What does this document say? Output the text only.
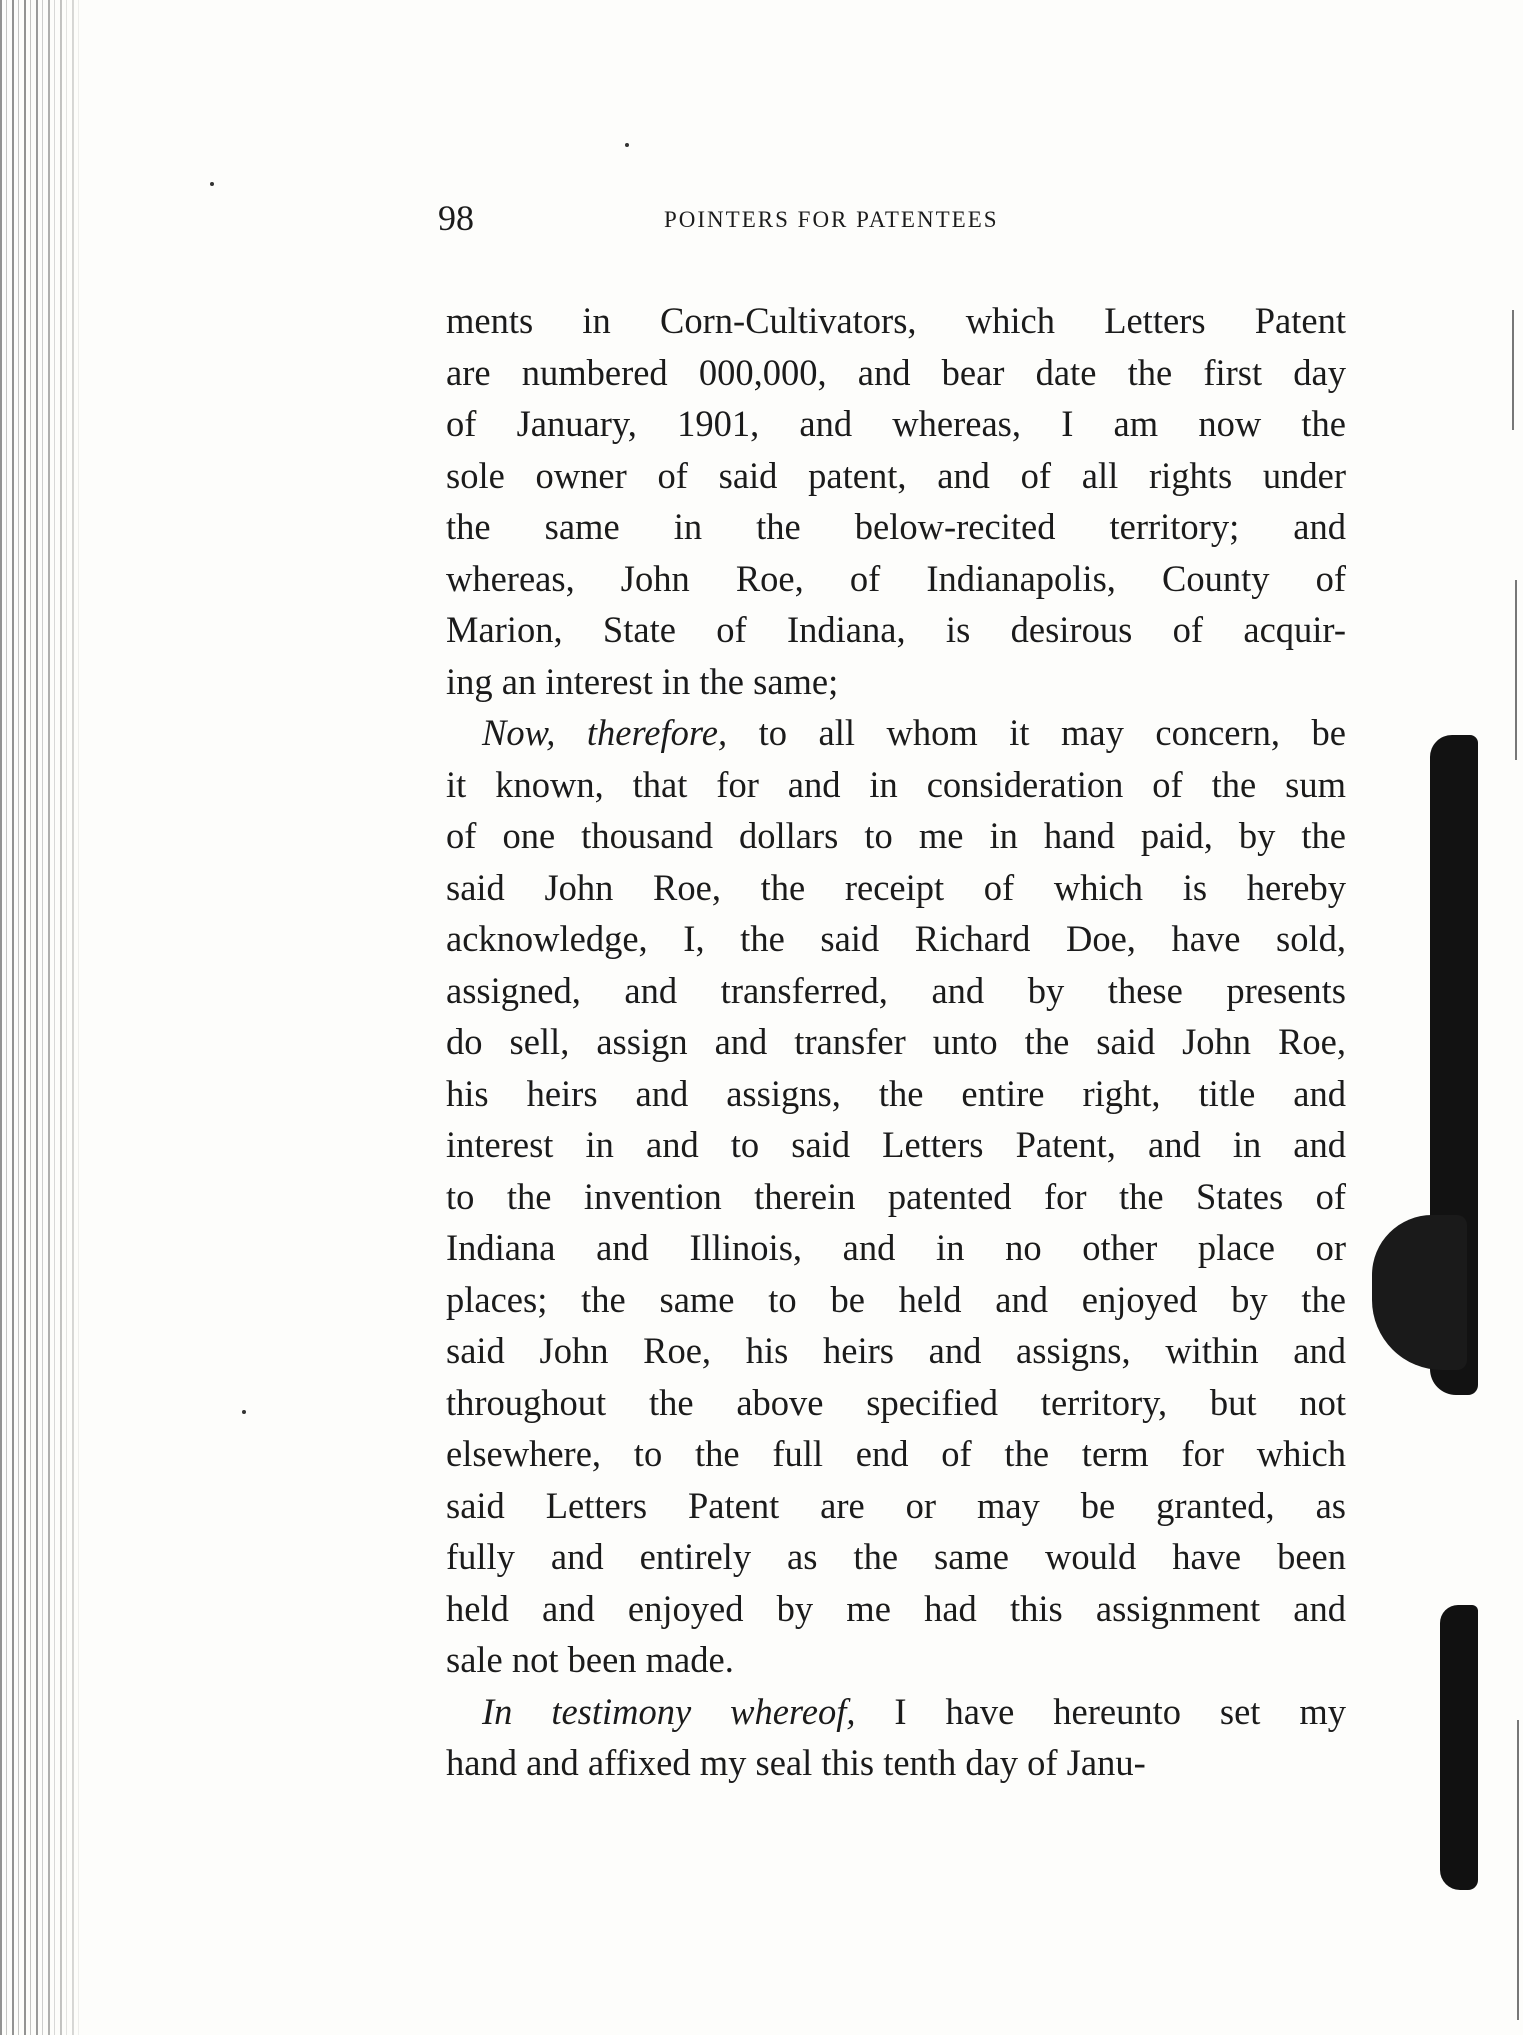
98	POINTERS FOR PATENTEES
ments in Corn-Cultivators, which Letters Patent
are numbered 000,000, and bear date the first day
of January, 1901, and whereas, I am now the
sole owner of said patent, and of all rights under
the same in the below-recited territory; and
whereas, John Roe, of Indianapolis, County of
Marion, State of Indiana, is desirous of acquir-
ing an interest in the same;
Now, therefore, to all whom it may concern, be
it known, that for and in consideration of the sum
of one thousand dollars to me in hand paid, by the
said John Roe, the receipt of which is hereby
acknowledge, I, the said Richard Doe, have sold,
assigned, and transferred, and by these presents
do sell, assign and transfer unto the said John Roe,
his heirs and assigns, the entire right, title and
interest in and to said Letters Patent, and in and
to the invention therein patented for the States of
Indiana and Illinois, and in no other place or
places; the same to be held and enjoyed by the
said John Roe, his heirs and assigns, within and
throughout the above specified territory, but not
elsewhere, to the full end of the term for which
said Letters Patent are or may be granted, as
fully and entirely as the same would have been
held and enjoyed by me had this assignment and
sale not been made.
In testimony whereof, I have hereunto set my
hand and affixed my seal this tenth day of Janu-
